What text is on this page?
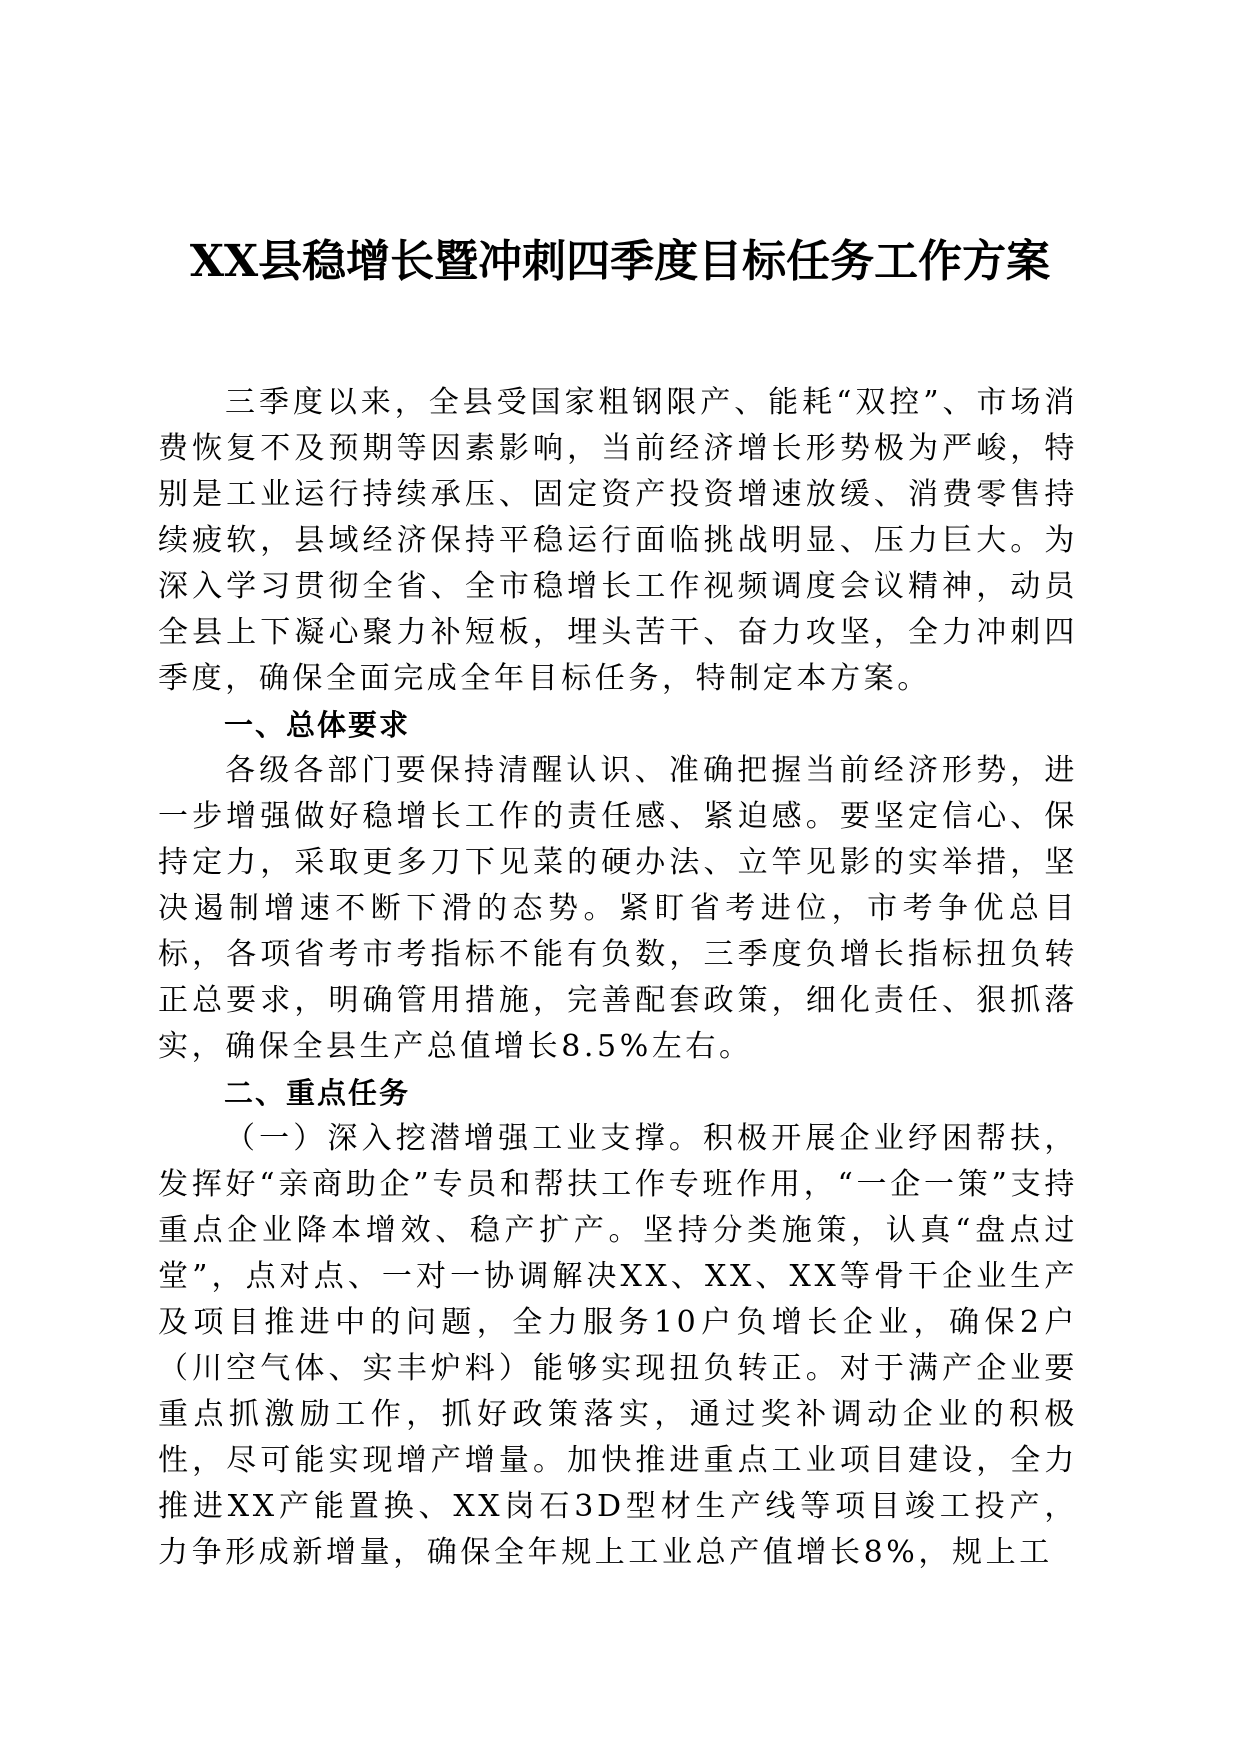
XX县稳增长暨冲刺四季度目标任务工作方案

三季度以来，全县受国家粗钢限产、能耗“双控”、市场消费恢复不及预期等因素影响，当前经济增长形势极为严峻，特别是工业运行持续承压、固定资产投资增速放缓、消费零售持续疲软，县域经济保持平稳运行面临挑战明显、压力巨大。为深入学习贯彻全省、全市稳增长工作视频调度会议精神，动员全县上下凝心聚力补短板，埋头苦干、奋力攻坚，全力冲刺四季度，确保全面完成全年目标任务，特制定本方案。

一、总体要求

各级各部门要保持清醒认识、准确把握当前经济形势，进一步增强做好稳增长工作的责任感、紧迫感。要坚定信心、保持定力，采取更多刀下见菜的硬办法、立竿见影的实举措，坚决遏制增速不断下滑的态势。紧盯省考进位，市考争优总目标，各项省考市考指标不能有负数，三季度负增长指标扭负转正总要求，明确管用措施，完善配套政策，细化责任、狠抓落实，确保全县生产总值增长8.5%左右。

二、重点任务

（一）深入挖潜增强工业支撑。积极开展企业纾困帮扶，发挥好“亲商助企”专员和帮扶工作专班作用，“一企一策”支持重点企业降本增效、稳产扩产。坚持分类施策，认真“盘点过堂”，点对点、一对一协调解决XX、XX、XX等骨干企业生产及项目推进中的问题，全力服务10户负增长企业，确保2户（川空气体、实丰炉料）能够实现扭负转正。对于满产企业要重点抓激励工作，抓好政策落实，通过奖补调动企业的积极性，尽可能实现增产增量。加快推进重点工业项目建设，全力推进XX产能置换、XX岗石3D型材生产线等项目竣工投产，力争形成新增量，确保全年规上工业总产值增长8%，规上工
